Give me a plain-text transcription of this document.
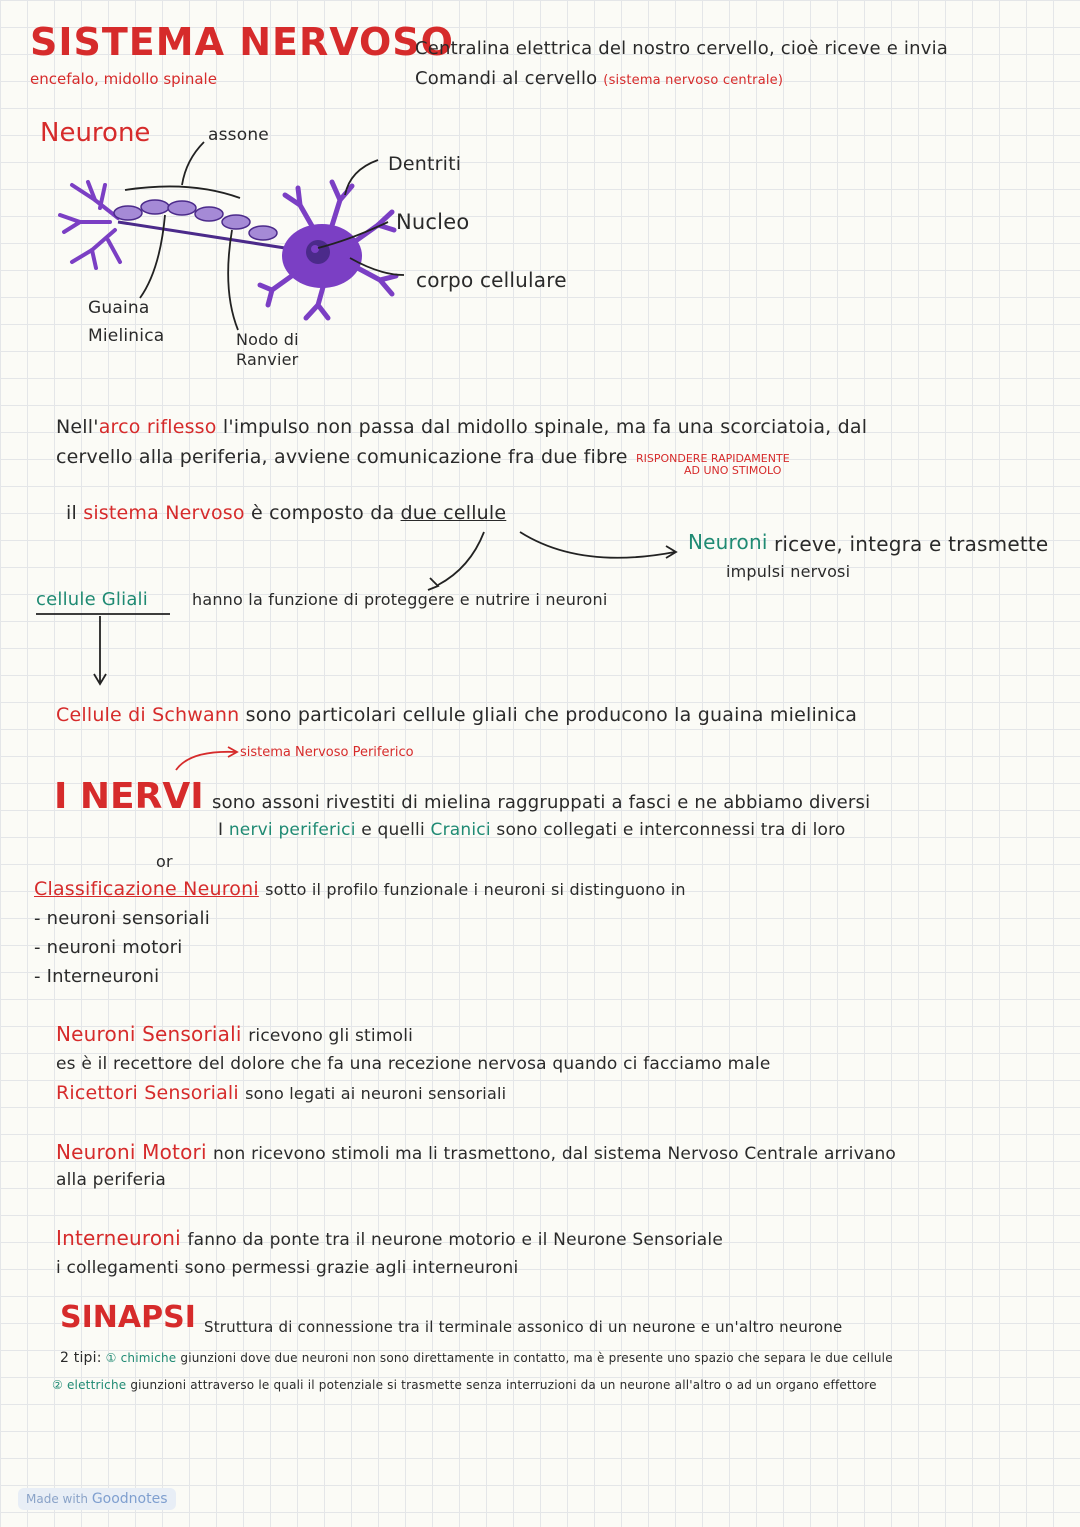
SISTEMA NERVOSO
encefalo, midollo spinale
Centralina elettrica del nostro cervello, cioè riceve e invia
Comandi al cervello (sistema nervoso centrale)
Neurone	assone
Dentriti
Nucleo
corpo cellulare
Guaina
Mielinica	Nodo di
Ranvier
Nell'arco riflesso l'impulso non passa dal midollo spinale, ma fa una scorciatoia, dal
cervello alla periferia, avviene comunicazione fra due fibre RISPONDERE RAPIDAMENTE
AD UNO STIMOLO
il sistema Nervoso è composto da due cellule
Neuroni riceve, integra e trasmette
impulsi nervosi
cellule Gliali	hanno la funzione di proteggere e nutrire i neuroni
Cellule di Schwann sono particolari cellule gliali che producono la guaina mielinica
sistema Nervoso Periferico
I NERVI sono assoni rivestiti di mielina raggruppati a fasci e ne abbiamo diversi
I nervi periferici e quelli Cranici sono collegati e interconnessi tra di loro
or
Classificazione Neuroni sotto il profilo funzionale i neuroni si distinguono in
- neuroni sensoriali
- neuroni motori
- Interneuroni
Neuroni Sensoriali ricevono gli stimoli
es è il recettore del dolore che fa una recezione nervosa quando ci facciamo male
Ricettori Sensoriali sono legati ai neuroni sensoriali
Neuroni Motori non ricevono stimoli ma li trasmettono, dal sistema Nervoso Centrale arrivano
alla periferia
Interneuroni fanno da ponte tra il neurone motorio e il Neurone Sensoriale
i collegamenti sono permessi grazie agli interneuroni
SINAPSI Struttura di connessione tra il terminale assonico di un neurone e un'altro neurone
2 tipi: ① chimiche giunzioni dove due neuroni non sono direttamente in contatto, ma è presente uno spazio che separa le due cellule
② elettriche giunzioni attraverso le quali il potenziale si trasmette senza interruzioni da un neurone all'altro o ad un organo effettore
Made with Goodnotes
